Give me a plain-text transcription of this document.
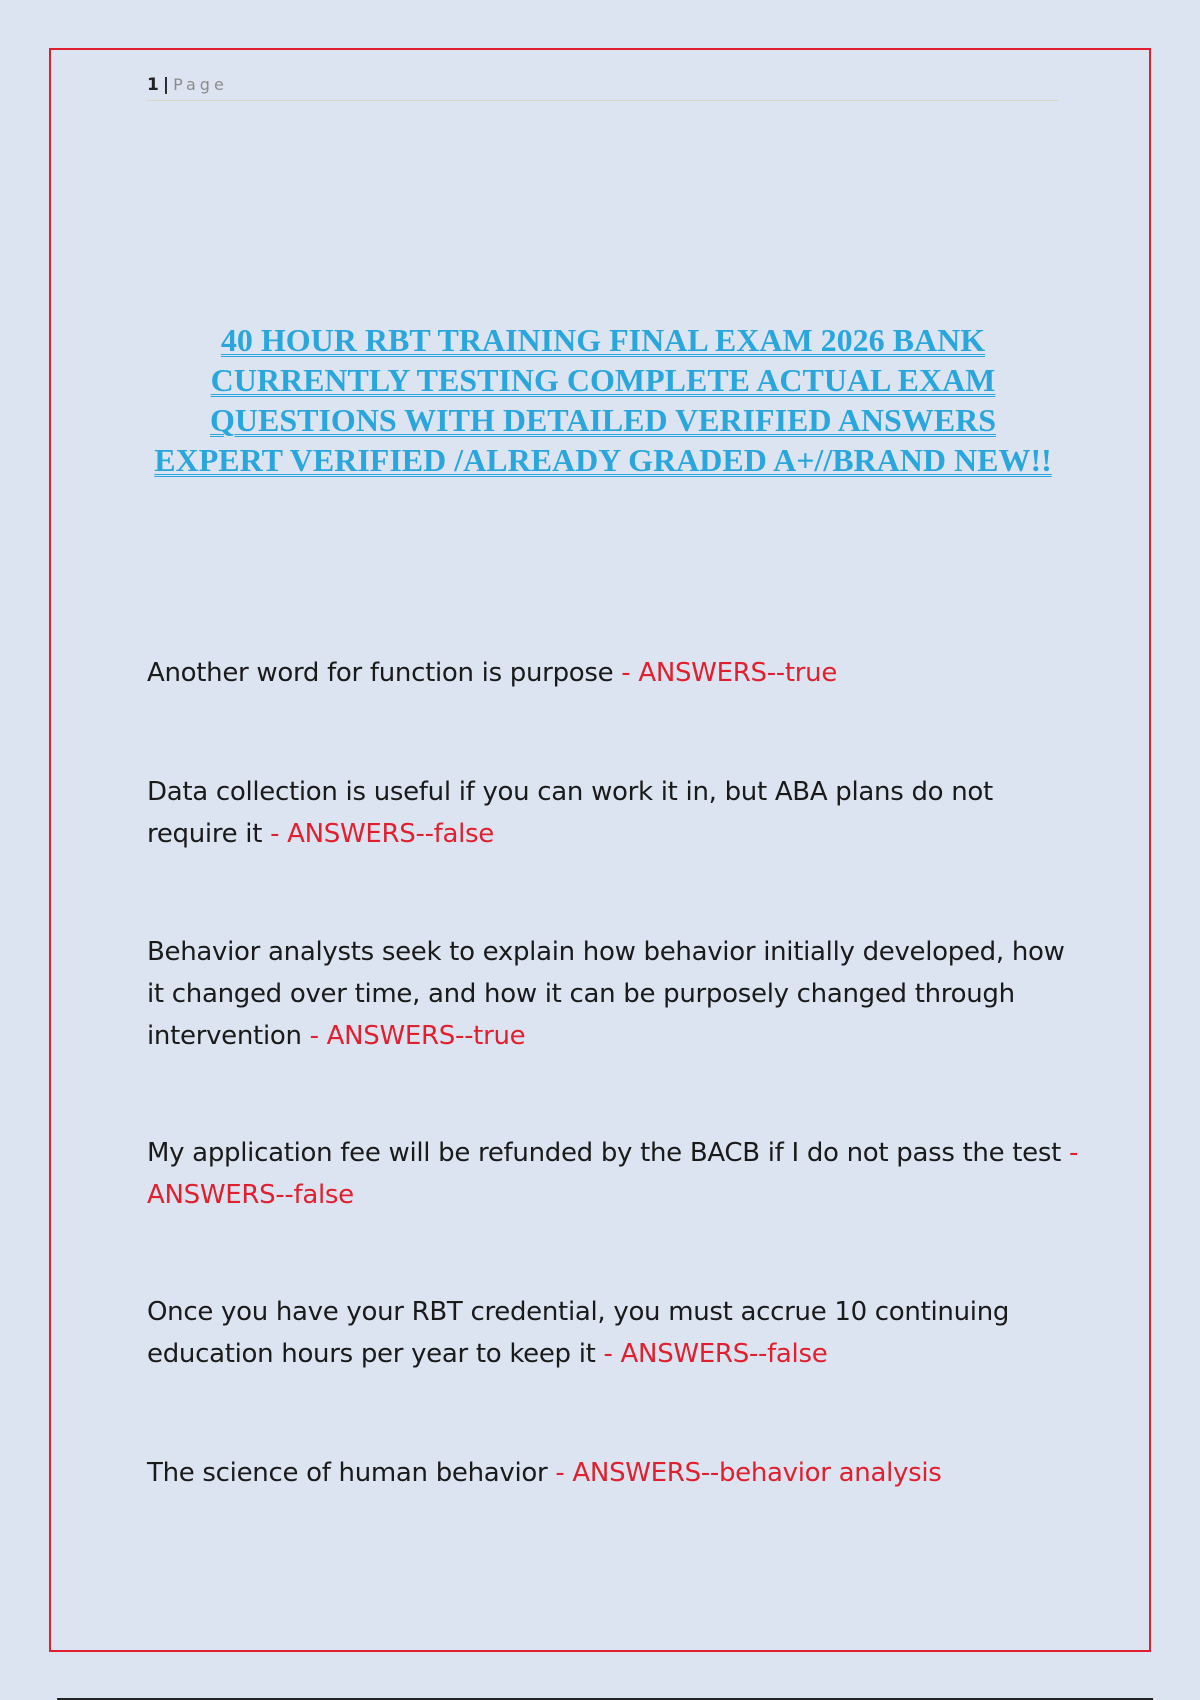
1 | Page
40 HOUR RBT TRAINING FINAL EXAM 2026 BANK CURRENTLY TESTING COMPLETE ACTUAL EXAM QUESTIONS WITH DETAILED VERIFIED ANSWERS EXPERT VERIFIED /ALREADY GRADED A+//BRAND NEW!!
Another word for function is purpose - ANSWERS--true
Data collection is useful if you can work it in, but ABA plans do not require it - ANSWERS--false
Behavior analysts seek to explain how behavior initially developed, how it changed over time, and how it can be purposely changed through intervention - ANSWERS--true
My application fee will be refunded by the BACB if I do not pass the test - ANSWERS--false
Once you have your RBT credential, you must accrue 10 continuing education hours per year to keep it - ANSWERS--false
The science of human behavior - ANSWERS--behavior analysis
